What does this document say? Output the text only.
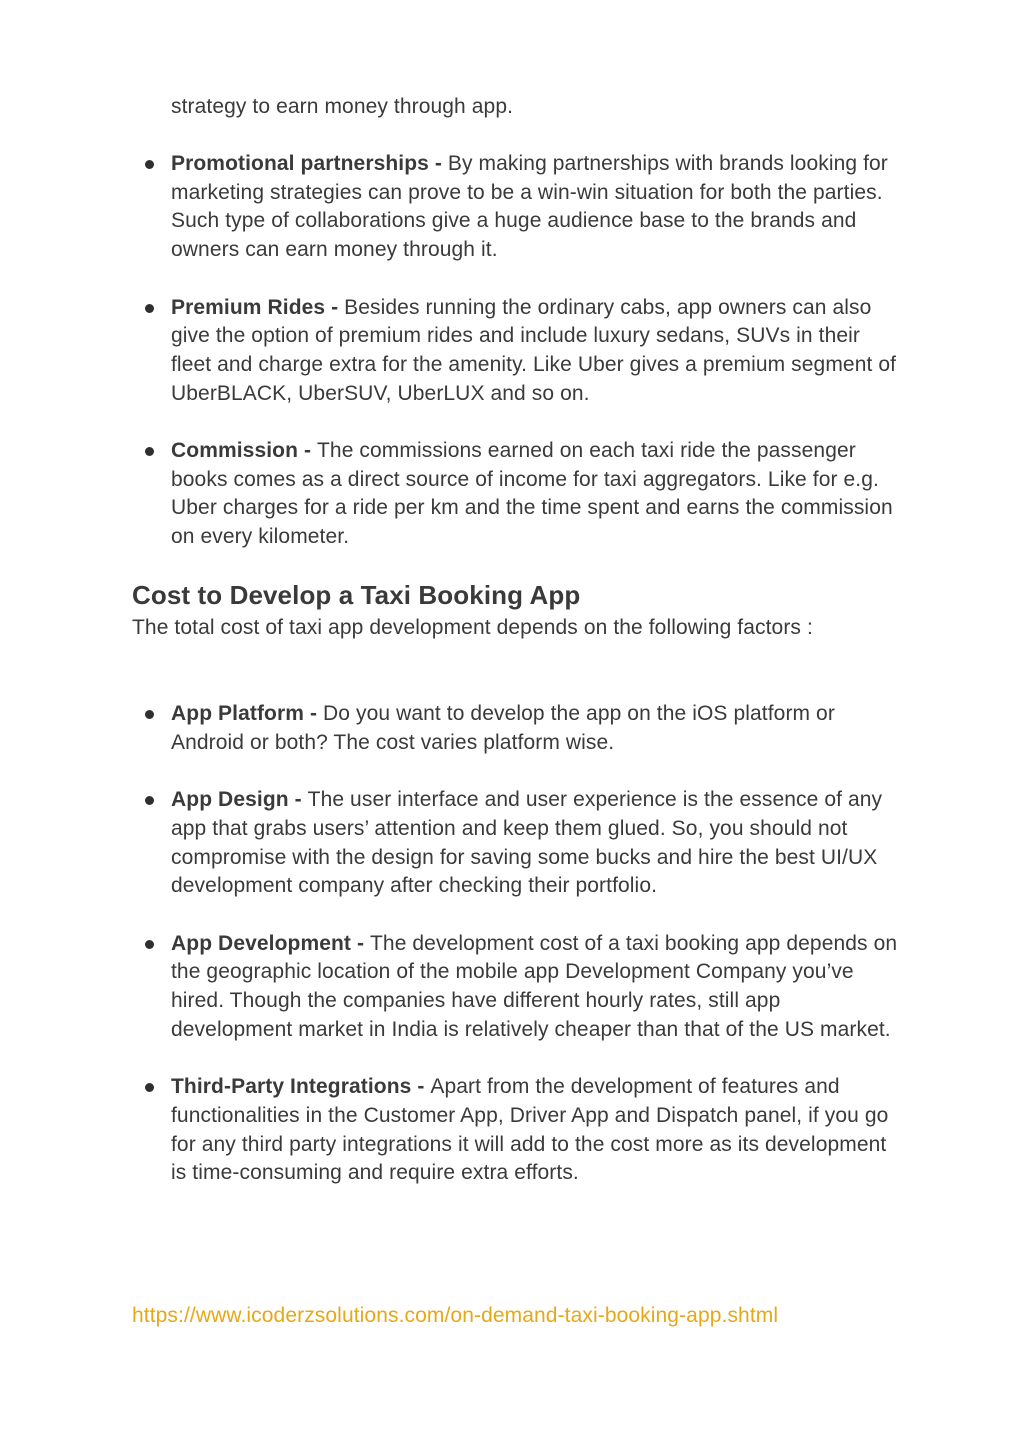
strategy to earn money through app.

Promotional partnerships - By making partnerships with brands looking for marketing strategies can prove to be a win-win situation for both the parties. Such type of collaborations give a huge audience base to the brands and owners can earn money through it.
Premium Rides - Besides running the ordinary cabs, app owners can also give the option of premium rides and include luxury sedans, SUVs in their fleet and charge extra for the amenity. Like Uber gives a premium segment of UberBLACK, UberSUV, UberLUX and so on.
Commission - The commissions earned on each taxi ride the passenger books comes as a direct source of income for taxi aggregators. Like for e.g. Uber charges for a ride per km and the time spent and earns the commission on every kilometer.
Cost to Develop a Taxi Booking App

The total cost of taxi app development depends on the following factors :

App Platform - Do you want to develop the app on the iOS platform or Android or both? The cost varies platform wise.
App Design - The user interface and user experience is the essence of any app that grabs users’ attention and keep them glued. So, you should not compromise with the design for saving some bucks and hire the best UI/UX development company after checking their portfolio.
App Development - The development cost of a taxi booking app depends on the geographic location of the mobile app Development Company you’ve hired. Though the companies have different hourly rates, still app development market in India is relatively cheaper than that of the US market.
Third-Party Integrations - Apart from the development of features and functionalities in the Customer App, Driver App and Dispatch panel, if you go for any third party integrations it will add to the cost more as its development is time-consuming and require extra efforts.
https://www.icoderzsolutions.com/on-demand-taxi-booking-app.shtml
